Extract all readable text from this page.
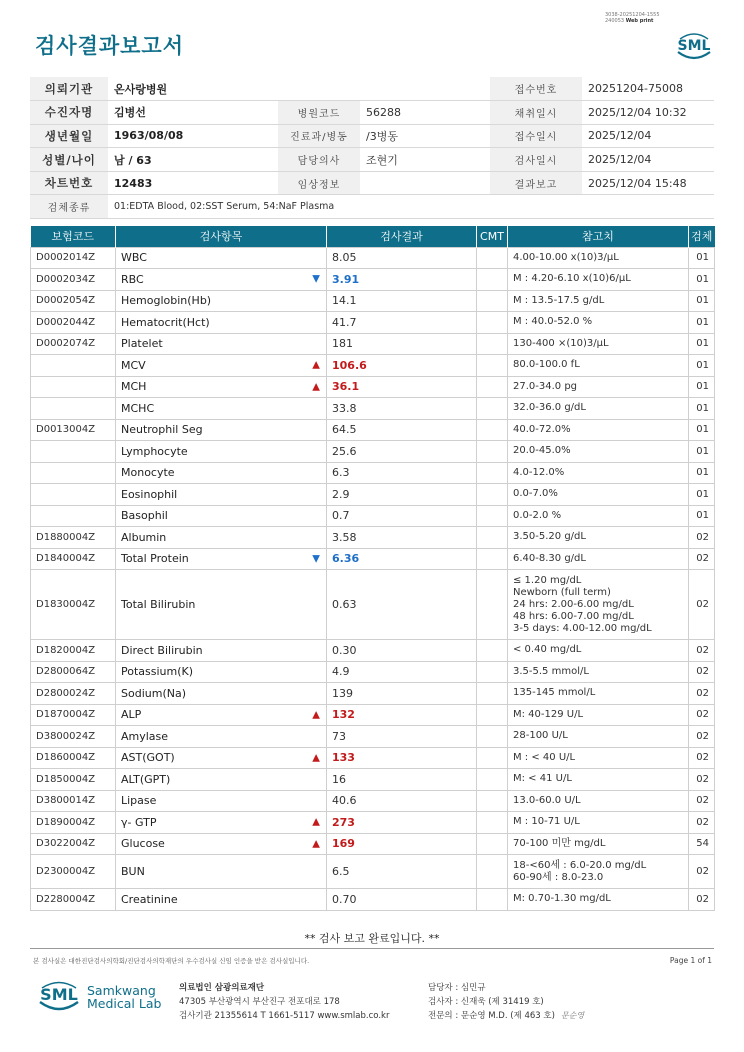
검사결과보고서
3038-20251204-1555
240053 Web print
SML
의뢰기관	온사랑병원			접수번호	20251204-75008
수진자명	김병선	병원코드	56288	채취일시	2025/12/04 10:32
생년월일	1963/08/08	진료과/병동	/3병동	접수일시	2025/12/04
성별/나이	남 / 63	담당의사	조현기	검사일시	2025/12/04
차트번호	12483	임상정보		결과보고	2025/12/04 15:48
검체종류	01:EDTA Blood, 02:SST Serum, 54:NaF Plasma				
보험코드	검사항목	검사결과	CMT	참고치	검체
D0002014Z	WBC	8.05		4.00-10.00 x(10)3/μL	01
D0002034Z	RBC ▼	3.91		M : 4.20-6.10 x(10)6/μL	01
D0002054Z	Hemoglobin(Hb)	14.1		M : 13.5-17.5 g/dL	01
D0002044Z	Hematocrit(Hct)	41.7		M : 40.0-52.0 %	01
D0002074Z	Platelet	181		130-400 ×(10)3/μL	01
	MCV ▲	106.6		80.0-100.0 fL	01
	MCH ▲	36.1		27.0-34.0 pg	01
	MCHC	33.8		32.0-36.0 g/dL	01
D0013004Z	Neutrophil Seg	64.5		40.0-72.0%	01
	Lymphocyte	25.6		20.0-45.0%	01
	Monocyte	6.3		4.0-12.0%	01
	Eosinophil	2.9		0.0-7.0%	01
	Basophil	0.7		0.0-2.0 %	01
D1880004Z	Albumin	3.58		3.50-5.20 g/dL	02
D1840004Z	Total Protein ▼	6.36		6.40-8.30 g/dL	02
D1830004Z	Total Bilirubin	0.63		≤ 1.20 mg/dL
Newborn (full term)
24 hrs: 2.00-6.00 mg/dL
48 hrs: 6.00-7.00 mg/dL
3-5 days: 4.00-12.00 mg/dL	02
D1820004Z	Direct Bilirubin	0.30		< 0.40 mg/dL	02
D2800064Z	Potassium(K)	4.9		3.5-5.5 mmol/L	02
D2800024Z	Sodium(Na)	139		135-145 mmol/L	02
D1870004Z	ALP ▲	132		M: 40-129 U/L	02
D3800024Z	Amylase	73		28-100 U/L	02
D1860004Z	AST(GOT) ▲	133		M : < 40 U/L	02
D1850004Z	ALT(GPT)	16		M: < 41 U/L	02
D3800014Z	Lipase	40.6		13.0-60.0 U/L	02
D1890004Z	γ- GTP ▲	273		M : 10-71 U/L	02
D3022004Z	Glucose ▲	169		70-100 미만 mg/dL	54
D2300004Z	BUN	6.5		18-<60세 : 6.0-20.0 mg/dL
60-90세 : 8.0-23.0	02
D2280004Z	Creatinine	0.70		M: 0.70-1.30 mg/dL	02
** 검사 보고 완료입니다. **
본 검사실은 대한진단검사의학회/진단검사의학재단의 우수검사실 신임 인증을 받은 검사실입니다.	Page 1 of 1
SML Samkwang
Medical Lab
의료법인 삼광의료재단
47305 부산광역시 부산진구 전포대로 178
검사기관 21355614 T 1661-5117 www.smlab.co.kr
담당자 : 심민규
검사자 : 신재욱 (제 31419 호)
전문의 : 문순영 M.D. (제 463 호) 문순영
